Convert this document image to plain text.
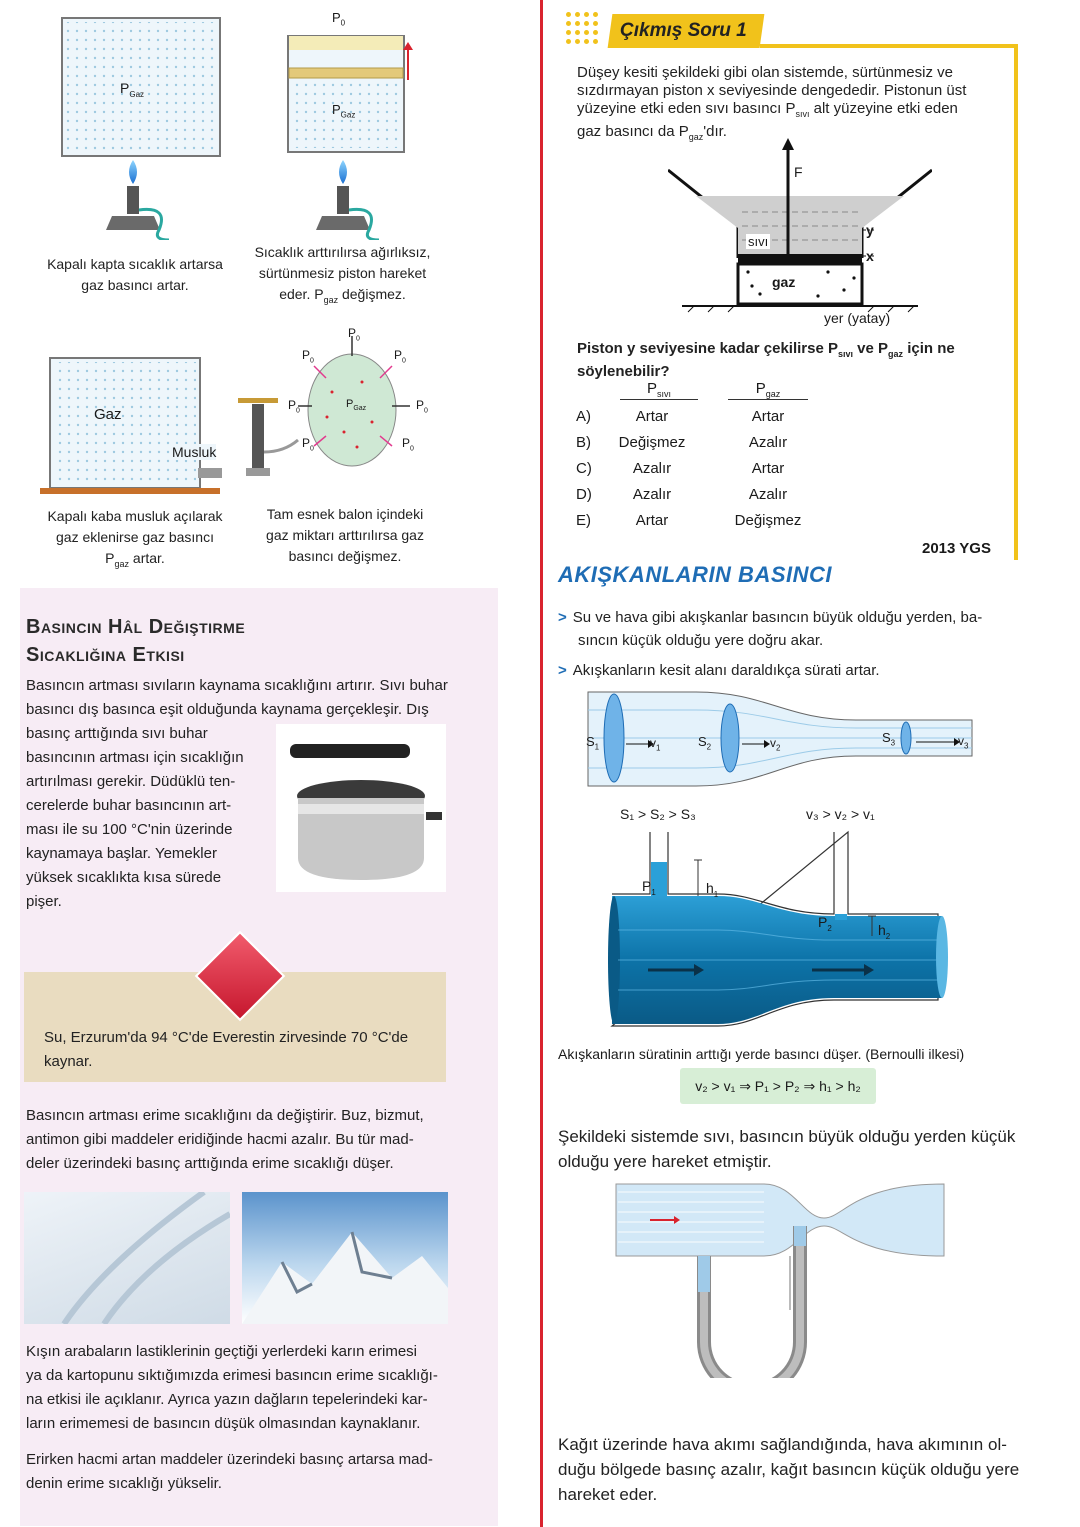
$P_{Gaz}$
Kapalı kapta sıcaklık artarsa
gaz basıncı artar.
$P_0$
$P_{Gaz}$
Sıcaklık arttırılırsa ağırlıksız,
sürtünmesiz piston hareket
eder. $P_{gaz}$ değişmez.
Gaz
Musluk
Kapalı kaba musluk açılarak
gaz eklenirse gaz basıncı
$P_{gaz}$ artar.
$P_0$
$P_0$	$P_0$
$P_0$	$P_0$
$P_0$	$P_0$
$P_{Gaz}$
Tam esnek balon içindeki
gaz miktarı arttırılırsa gaz
basıncı değişmez.
Basıncın Hâl Değiştirme
Sıcaklığına Etkisi
Basıncın artması sıvıların kaynama sıcaklığını artırır. Sıvı buhar
basıncı dış basınca eşit olduğunda kaynama gerçekleşir. Dış
basınç arttığında sıvı buhar
basıncının artması için sıcaklığın
artırılması gerekir. Düdüklü ten-
cerelerde buhar basıncının art-
ması ile su 100 °C'nin üzerinde
kaynamaya başlar. Yemekler
yüksek sıcaklıkta kısa sürede
pişer.
Su, Erzurum'da 94 °C'de Everestin zirvesinde 70 °C'de
kaynar.
Basıncın artması erime sıcaklığını da değiştirir. Buz, bizmut,
antimon gibi maddeler eridiğinde hacmi azalır. Bu tür mad-
deler üzerindeki basınç arttığında erime sıcaklığı düşer.
Kışın arabaların lastiklerinin geçtiği yerlerdeki karın erimesi
ya da kartopunu sıktığımızda erimesi basıncın erime sıcaklığı-
na etkisi ile açıklanır. Ayrıca yazın dağların tepelerindeki kar-
ların erimemesi de basıncın düşük olmasından kaynaklanır.
Erirken hacmi artan maddeler üzerindeki basınç artarsa mad-
denin erime sıcaklığı yükselir.
Çıkmış Soru 1
Düşey kesiti şekildeki gibi olan sistemde, sürtünmesiz ve
sızdırmayan piston x seviyesinde dengededir. Pistonun üst
yüzeyine etki eden sıvı basıncı $P_{sıvı}$ alt yüzeyine etki eden
gaz basıncı da $P_{gaz}'dır$.
F
y
x
sıvı
gaz
yer (yatay)
Piston y seviyesine kadar çekilirse $P_{sıvı}$ ve $P_{gaz}$ için ne
söylenebilir?
$P_{sıvı}$	$P_{gaz}$
A)	Artar	Artar
B)	Değişmez	Azalır
C)	Azalır	Artar
D)	Azalır	Azalır
E)	Artar	Değişmez
2013 YGS
AKIŞKANLARIN BASINCI
> Su ve hava gibi akışkanlar basıncın büyük olduğu yerden, ba-
sıncın küçük olduğu yere doğru akar.
> Akışkanların kesit alanı daraldıkça sürati artar.
$S_1$	$v_1$	$S_2$	$v_2$
$S_3$	$v_3$
S₁ > S₂ > S₃	v₃ > v₂ > v₁
$P_1$	$h_1$
$P_2$	$h_2$
Akışkanların süratinin arttığı yerde basıncı düşer. (Bernoulli ilkesi)
v₂ > v₁ ⇒ P₁ > P₂ ⇒ h₁ > h₂
Şekildeki sistemde sıvı, basıncın büyük olduğu yerden küçük
olduğu yere hareket etmiştir.
Kağıt üzerinde hava akımı sağlandığında, hava akımının ol-
duğu bölgede basınç azalır, kağıt basıncın küçük olduğu yere
hareket eder.
